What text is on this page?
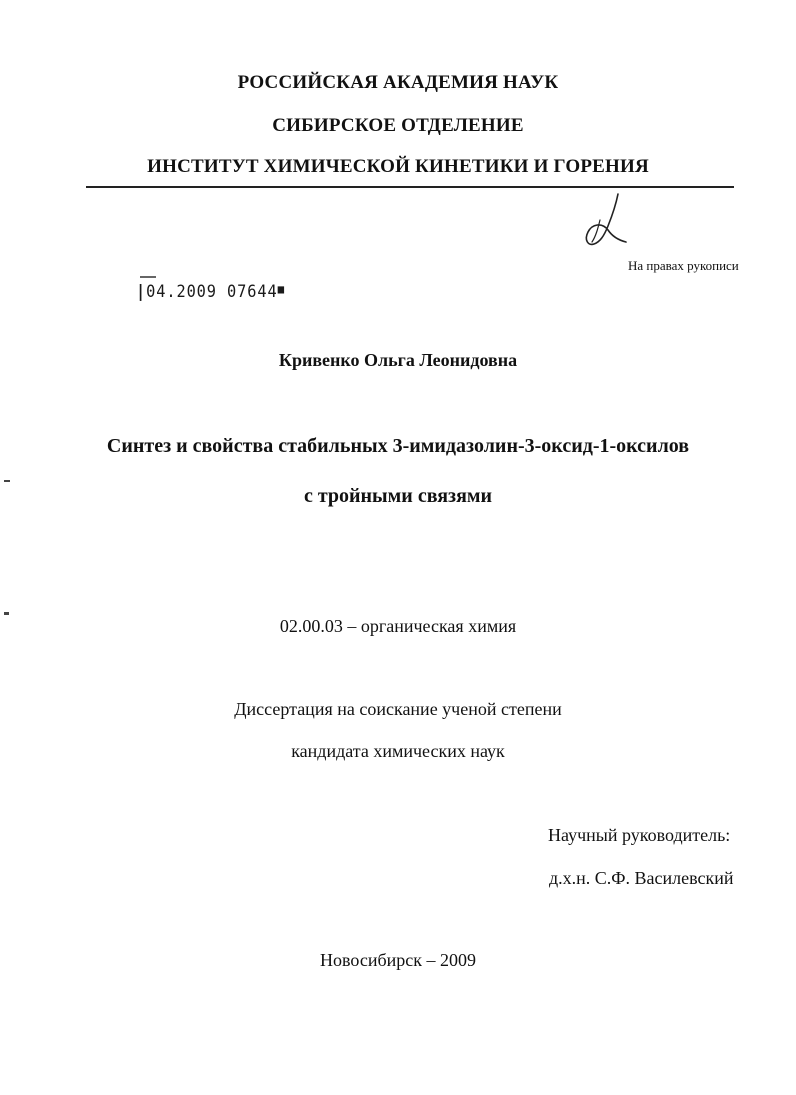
РОССИЙСКАЯ АКАДЕМИЯ НАУК
СИБИРСКОЕ ОТДЕЛЕНИЕ
ИНСТИТУТ ХИМИЧЕСКОЙ КИНЕТИКИ И ГОРЕНИЯ
На правах рукописи
|04.2009 07644■
Кривенко Ольга Леонидовна
Синтез и свойства стабильных 3-имидазолин-3-оксид-1-оксилов
с тройными связями
02.00.03 – органическая химия
Диссертация на соискание ученой степени
кандидата химических наук
Научный руководитель:
д.х.н. С.Ф. Василевский
Новосибирск – 2009
